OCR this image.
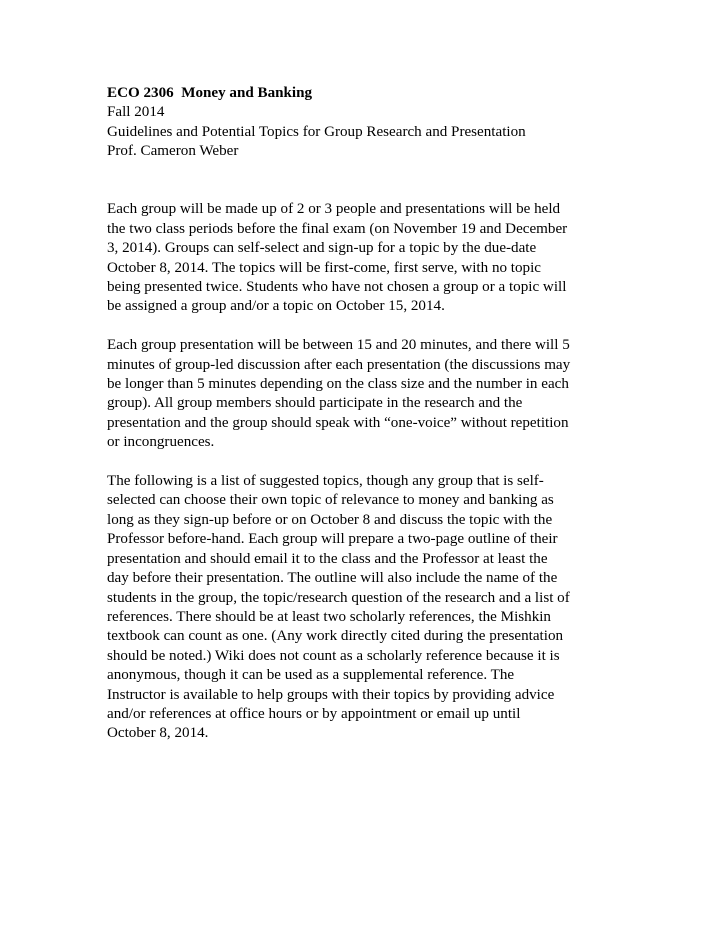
ECO 2306  Money and Banking
Fall 2014
Guidelines and Potential Topics for Group Research and Presentation
Prof. Cameron Weber
Each group will be made up of 2 or 3 people and presentations will be held
the two class periods before the final exam (on November 19 and December
3, 2014). Groups can self-select and sign-up for a topic by the due-date
October 8, 2014. The topics will be first-come, first serve, with no topic
being presented twice. Students who have not chosen a group or a topic will
be assigned a group and/or a topic on October 15, 2014.
Each group presentation will be between 15 and 20 minutes, and there will 5
minutes of group-led discussion after each presentation (the discussions may
be longer than 5 minutes depending on the class size and the number in each
group). All group members should participate in the research and the
presentation and the group should speak with “one-voice” without repetition
or incongruences.
The following is a list of suggested topics, though any group that is self-
selected can choose their own topic of relevance to money and banking as
long as they sign-up before or on October 8 and discuss the topic with the
Professor before-hand. Each group will prepare a two-page outline of their
presentation and should email it to the class and the Professor at least the
day before their presentation. The outline will also include the name of the
students in the group, the topic/research question of the research and a list of
references. There should be at least two scholarly references, the Mishkin
textbook can count as one. (Any work directly cited during the presentation
should be noted.) Wiki does not count as a scholarly reference because it is
anonymous, though it can be used as a supplemental reference. The
Instructor is available to help groups with their topics by providing advice
and/or references at office hours or by appointment or email up until
October 8, 2014.
